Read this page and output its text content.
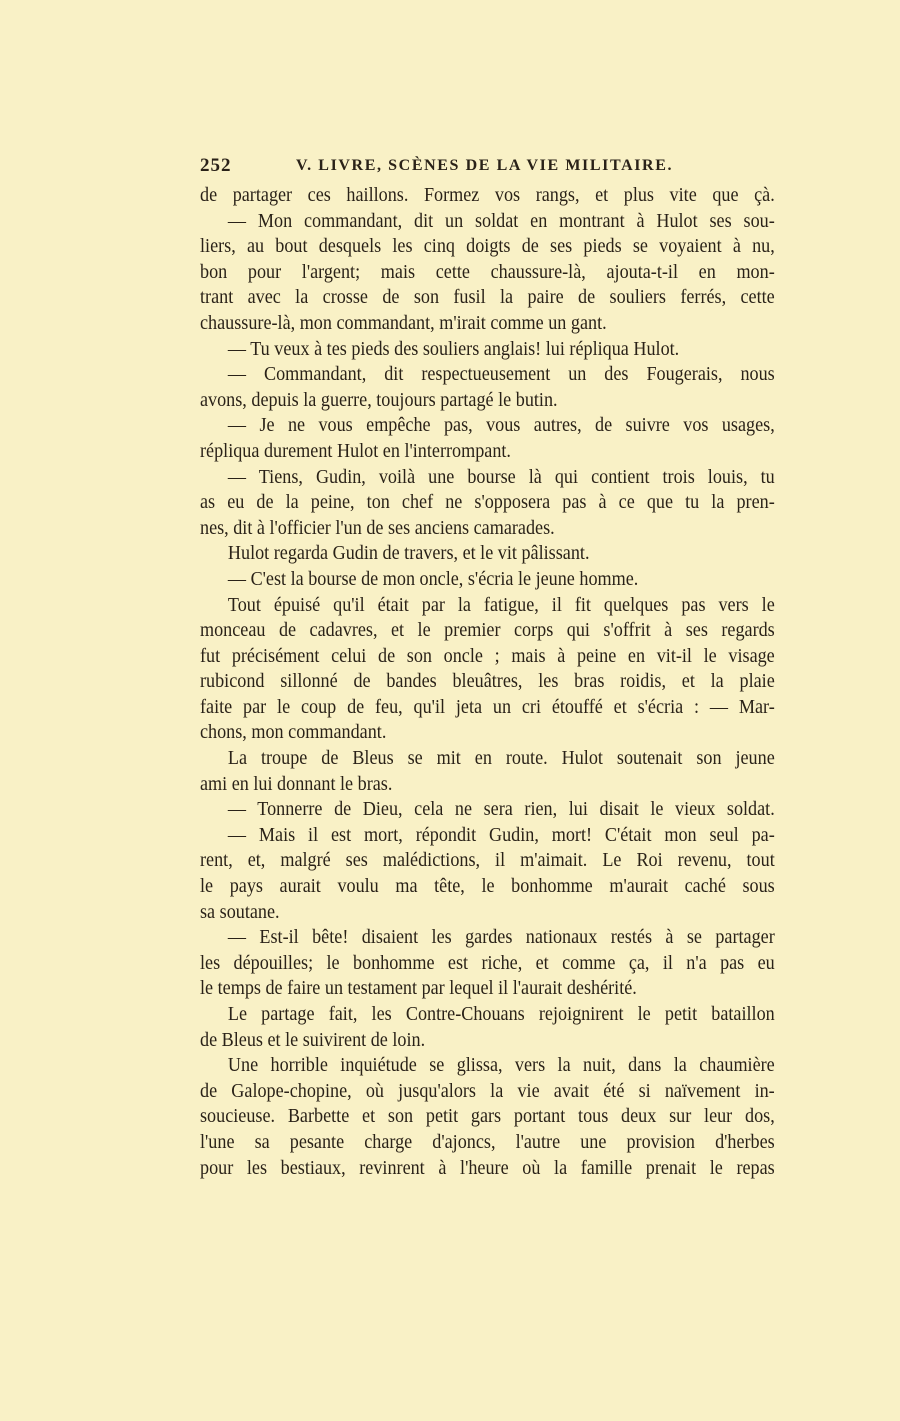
252	V. LIVRE, SCÈNES DE LA VIE MILITAIRE.
de partager ces haillons. Formez vos rangs, et plus vite que çà.
— Mon commandant, dit un soldat en montrant à Hulot ses sou-
liers, au bout desquels les cinq doigts de ses pieds se voyaient à nu,
bon pour l'argent; mais cette chaussure-là, ajouta-t-il en mon-
trant avec la crosse de son fusil la paire de souliers ferrés, cette
chaussure-là, mon commandant, m'irait comme un gant.
— Tu veux à tes pieds des souliers anglais! lui répliqua Hulot.
— Commandant, dit respectueusement un des Fougerais, nous
avons, depuis la guerre, toujours partagé le butin.
— Je ne vous empêche pas, vous autres, de suivre vos usages,
répliqua durement Hulot en l'interrompant.
— Tiens, Gudin, voilà une bourse là qui contient trois louis, tu
as eu de la peine, ton chef ne s'opposera pas à ce que tu la pren-
nes, dit à l'officier l'un de ses anciens camarades.
Hulot regarda Gudin de travers, et le vit pâlissant.
— C'est la bourse de mon oncle, s'écria le jeune homme.
Tout épuisé qu'il était par la fatigue, il fit quelques pas vers le
monceau de cadavres, et le premier corps qui s'offrit à ses regards
fut précisément celui de son oncle ; mais à peine en vit-il le visage
rubicond sillonné de bandes bleuâtres, les bras roidis, et la plaie
faite par le coup de feu, qu'il jeta un cri étouffé et s'écria : — Mar-
chons, mon commandant.
La troupe de Bleus se mit en route. Hulot soutenait son jeune
ami en lui donnant le bras.
— Tonnerre de Dieu, cela ne sera rien, lui disait le vieux soldat.
— Mais il est mort, répondit Gudin, mort! C'était mon seul pa-
rent, et, malgré ses malédictions, il m'aimait. Le Roi revenu, tout
le pays aurait voulu ma tête, le bonhomme m'aurait caché sous
sa soutane.
— Est-il bête! disaient les gardes nationaux restés à se partager
les dépouilles; le bonhomme est riche, et comme ça, il n'a pas eu
le temps de faire un testament par lequel il l'aurait deshérité.
Le partage fait, les Contre-Chouans rejoignirent le petit bataillon
de Bleus et le suivirent de loin.
Une horrible inquiétude se glissa, vers la nuit, dans la chaumière
de Galope-chopine, où jusqu'alors la vie avait été si naïvement in-
soucieuse. Barbette et son petit gars portant tous deux sur leur dos,
l'une sa pesante charge d'ajoncs, l'autre une provision d'herbes
pour les bestiaux, revinrent à l'heure où la famille prenait le repas
